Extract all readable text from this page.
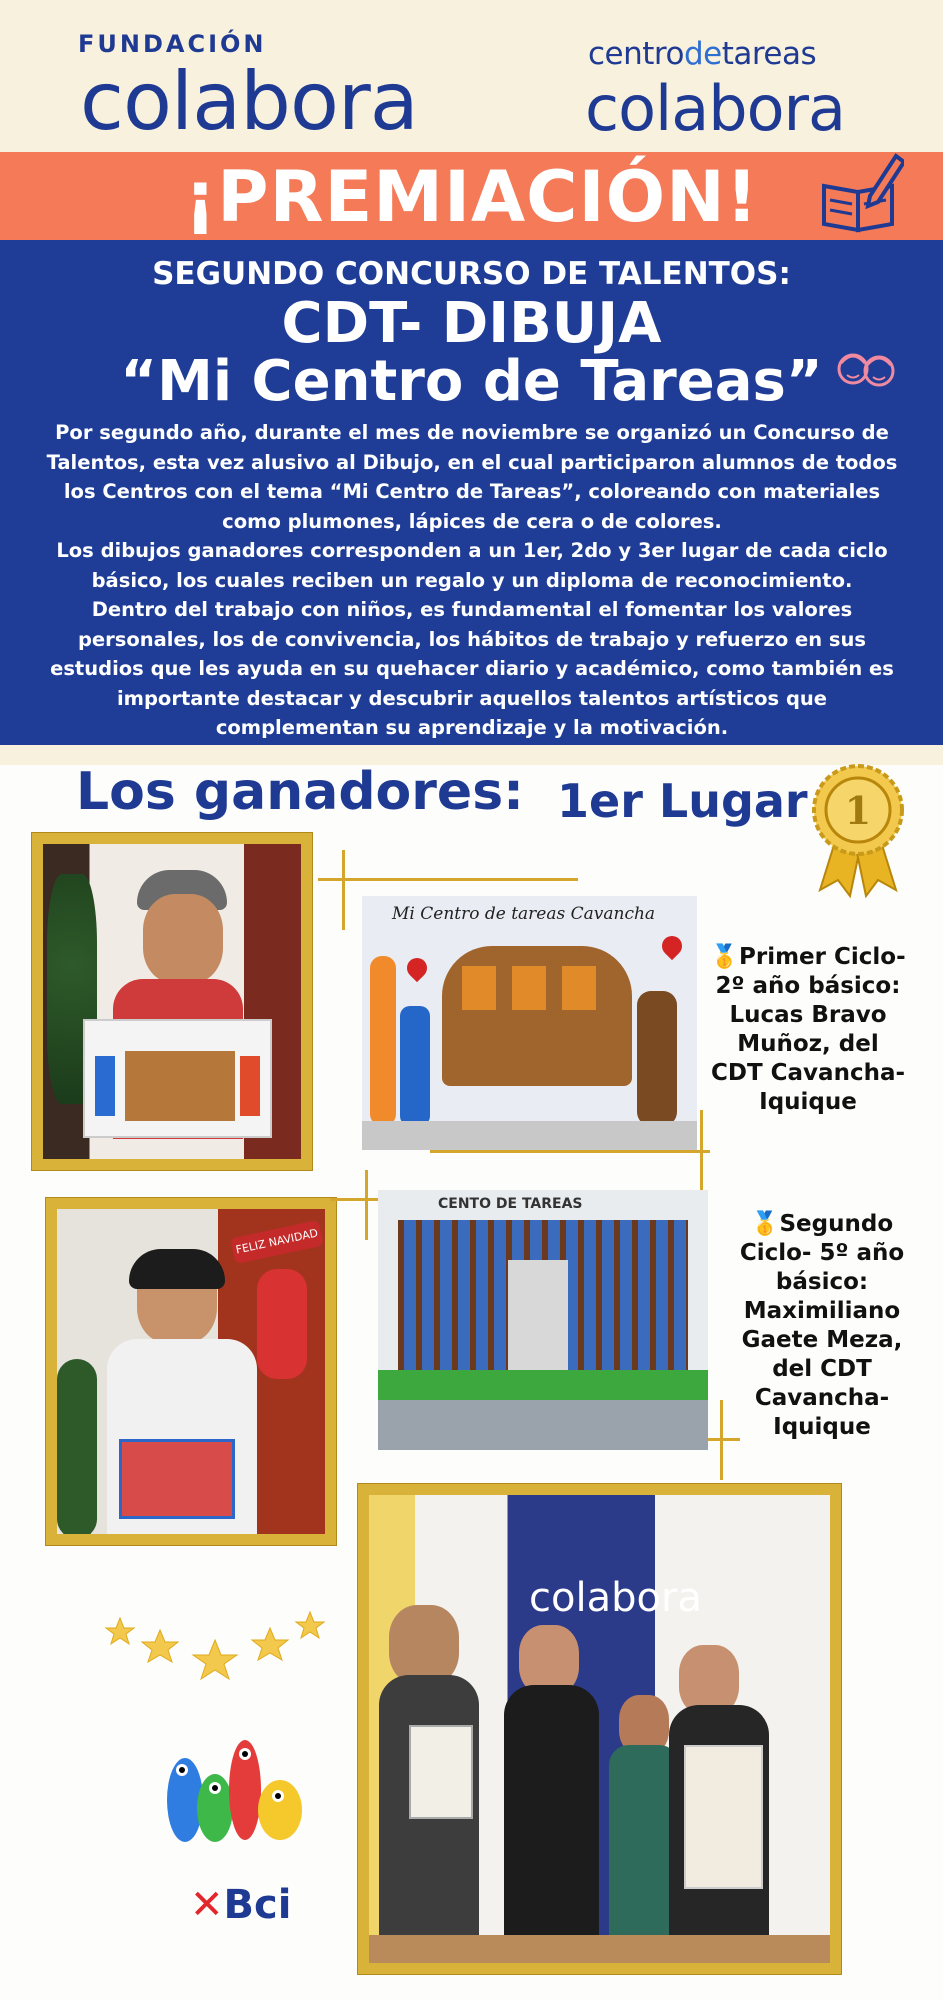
FUNDACIÓN
colabora
centrodetareas
colabora
¡PREMIACIÓN!
SEGUNDO CONCURSO DE TALENTOS:
CDT- DIBUJA
“Mi Centro de Tareas”

Por segundo año, durante el mes de noviembre se organizó un Concurso de Talentos, esta vez alusivo al Dibujo, en el cual participaron alumnos de todos los Centros con el tema “Mi Centro de Tareas”, coloreando con materiales como plumones, lápices de cera o de colores.

Los dibujos ganadores corresponden a un 1er, 2do y 3er lugar de cada ciclo básico, los cuales reciben un regalo y un diploma de reconocimiento.

Dentro del trabajo con niños, es fundamental el fomentar los valores personales, los de convivencia, los hábitos de trabajo y refuerzo en sus estudios que les ayuda en su quehacer diario y académico, como también es importante destacar y descubrir aquellos talentos artísticos que complementan su aprendizaje y la motivación.

Los ganadores: 1er Lugar 1
Mi Centro de tareas Cavancha
🥇Primer Ciclo-
2º año básico:
Lucas Bravo
Muñoz, del
CDT Cavancha-
Iquique
FELIZ NAVIDAD
CENTO DE TAREAS
🥇Segundo
Ciclo- 5º año
básico:
Maximiliano
Gaete Meza,
del CDT
Cavancha-
Iquique
colabora
✕Bci
